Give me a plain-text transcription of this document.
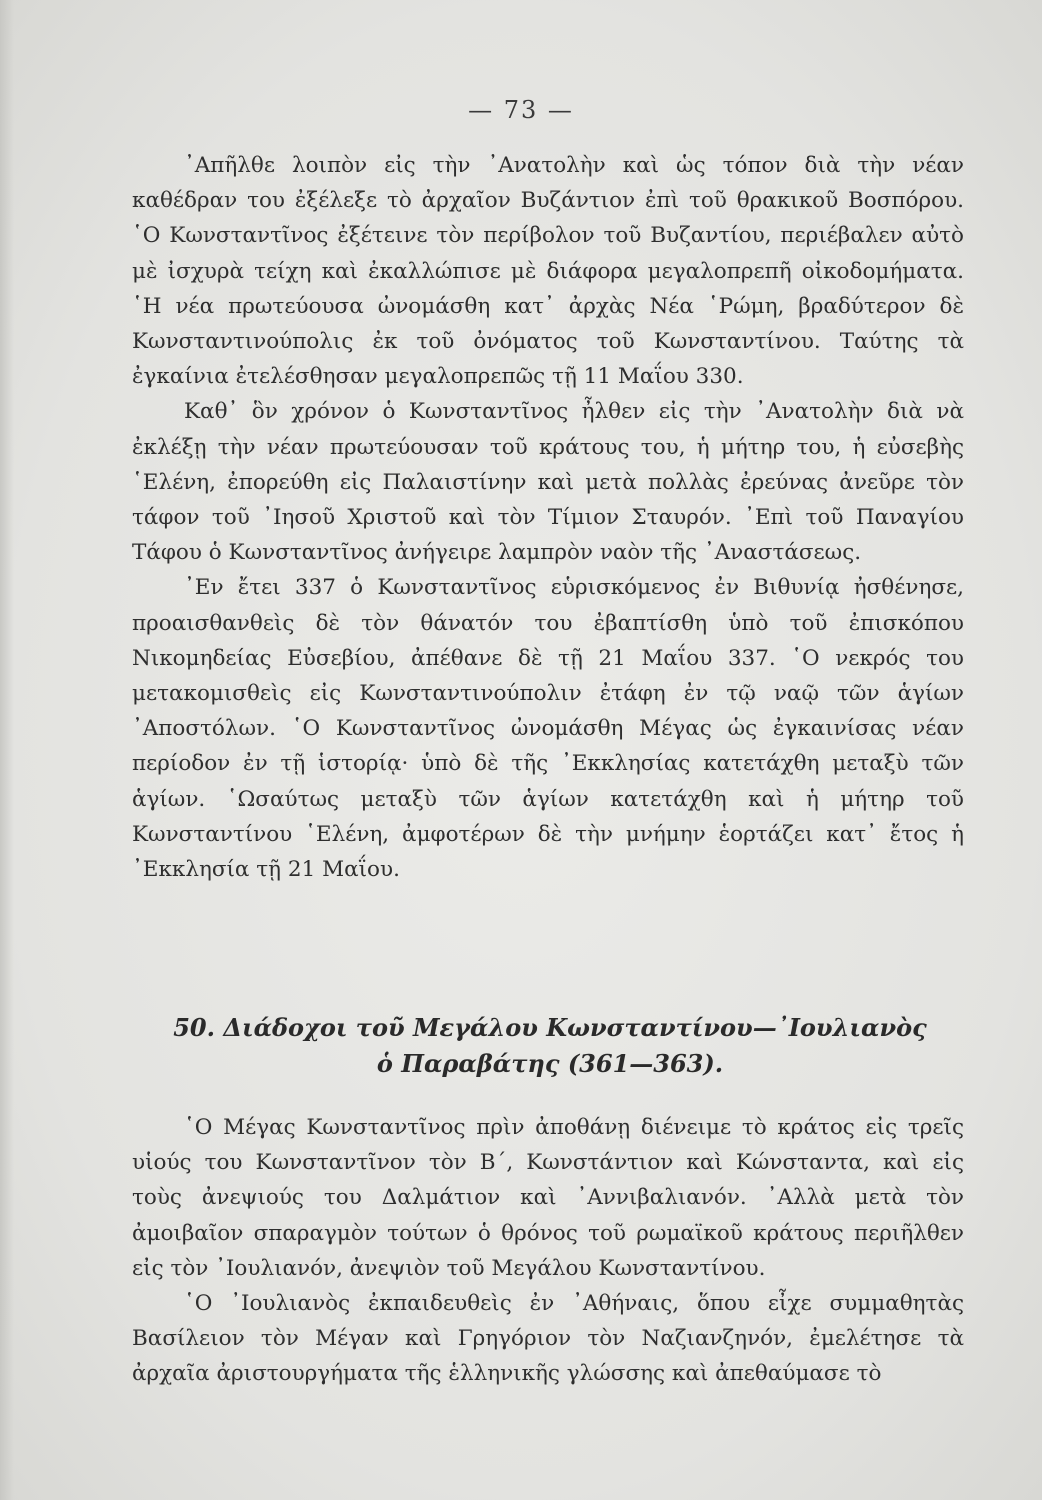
— 73 —

᾿Απῆλθε λοιπὸν εἰς τὴν ᾿Ανατολὴν καὶ ὡς τόπον διὰ τὴν νέαν καθέδραν του ἐξέλεξε τὸ ἀρχαῖον Βυζάντιον ἐπὶ τοῦ θρακικοῦ Βοσπόρου. ῾Ο Κωνσταντῖνος ἐξέτεινε τὸν περίβολον τοῦ Βυζαντίου, περιέβαλεν αὐτὸ μὲ ἰσχυρὰ τείχη καὶ ἐκαλλώπισε μὲ διάφορα μεγαλοπρεπῆ οἰκοδομήματα. ῾Η νέα πρωτεύουσα ὠνομάσθη κατ᾿ ἀρχὰς Νέα ῾Ρώμη, βραδύτερον δὲ Κωνσταντινούπολις ἐκ τοῦ ὀνόματος τοῦ Κωνσταντίνου. Ταύτης τὰ ἐγκαίνια ἐτελέσθησαν μεγαλοπρεπῶς τῇ 11 Μαΐου 330.

Καθ᾿ ὃν χρόνον ὁ Κωνσταντῖνος ἦλθεν εἰς τὴν ᾿Ανατολὴν διὰ νὰ ἐκλέξῃ τὴν νέαν πρωτεύουσαν τοῦ κράτους του, ἡ μήτηρ του, ἡ εὐσεβὴς ῾Ελένη, ἐπορεύθη εἰς Παλαιστίνην καὶ μετὰ πολλὰς ἐρεύνας ἀνεῦρε τὸν τάφον τοῦ ᾿Ιησοῦ Χριστοῦ καὶ τὸν Τίμιον Σταυρόν. ᾿Επὶ τοῦ Παναγίου Τάφου ὁ Κωνσταντῖνος ἀνήγειρε λαμπρὸν ναὸν τῆς ᾿Αναστάσεως.

᾿Εν ἔτει 337 ὁ Κωνσταντῖνος εὑρισκόμενος ἐν Βιθυνίᾳ ἠσθένησε, προαισθανθεὶς δὲ τὸν θάνατόν του ἐβαπτίσθη ὑπὸ τοῦ ἐπισκόπου Νικομηδείας Εὐσεβίου, ἀπέθανε δὲ τῇ 21 Μαΐου 337. ῾Ο νεκρός του μετακομισθεὶς εἰς Κωνσταντινούπολιν ἐτάφη ἐν τῷ ναῷ τῶν ἁγίων ᾿Αποστόλων. ῾Ο Κωνσταντῖνος ὠνομάσθη Μέγας ὡς ἐγκαινίσας νέαν περίοδον ἐν τῇ ἱστορίᾳ· ὑπὸ δὲ τῆς ᾿Εκκλησίας κατετάχθη μεταξὺ τῶν ἁγίων. ῾Ωσαύτως μεταξὺ τῶν ἁγίων κατετάχθη καὶ ἡ μήτηρ τοῦ Κωνσταντίνου ῾Ελένη, ἀμφοτέρων δὲ τὴν μνήμην ἑορτάζει κατ᾿ ἔτος ἡ ᾿Εκκλησία τῇ 21 Μαΐου.

50. Διάδοχοι τοῦ Μεγάλου Κωνσταντίνου—᾿Ιουλιανὸς
ὁ Παραβάτης (361—363).

῾Ο Μέγας Κωνσταντῖνος πρὶν ἀποθάνῃ διένειμε τὸ κράτος εἰς τρεῖς υἱούς του Κωνσταντῖνον τὸν Β΄, Κωνστάντιον καὶ Κώνσταντα, καὶ εἰς τοὺς ἀνεψιούς του Δαλμάτιον καὶ ᾿Αννιβαλιανόν. ᾿Αλλὰ μετὰ τὸν ἀμοιβαῖον σπαραγμὸν τούτων ὁ θρόνος τοῦ ρωμαϊκοῦ κράτους περιῆλθεν εἰς τὸν ᾿Ιουλιανόν, ἀνεψιὸν τοῦ Μεγάλου Κωνσταντίνου.

῾Ο ᾿Ιουλιανὸς ἐκπαιδευθεὶς ἐν ᾿Αθήναις, ὅπου εἶχε συμμαθητὰς Βασίλειον τὸν Μέγαν καὶ Γρηγόριον τὸν Ναζιανζηνόν, ἐμελέτησε τὰ ἀρχαῖα ἀριστουργήματα τῆς ἑλληνικῆς γλώσσης καὶ ἀπεθαύμασε τὸ
